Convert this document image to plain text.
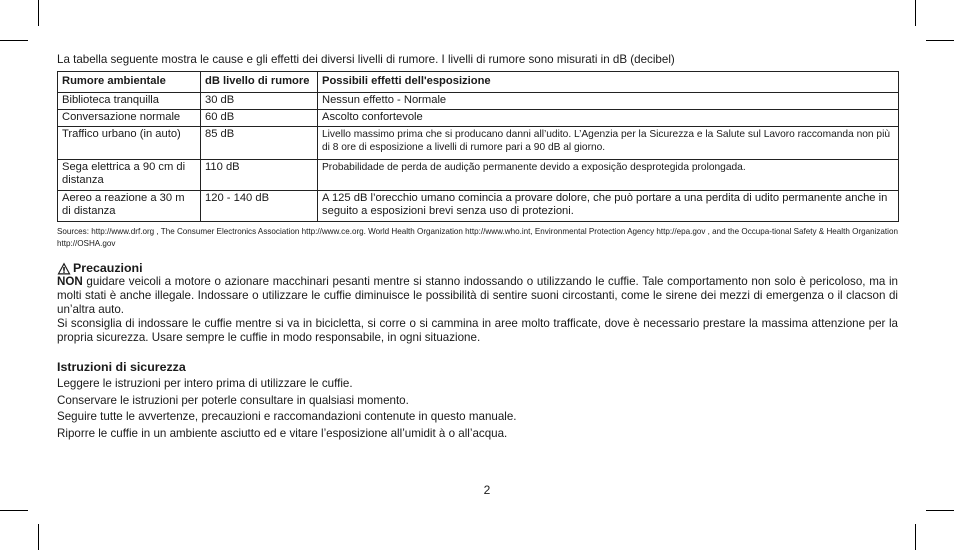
La tabella seguente mostra le cause e gli effetti dei diversi livelli di rumore. I livelli di rumore sono misurati in dB (decibel)

Rumore ambientale	dB livello di rumore	Possibili effetti dell'esposizione
Biblioteca tranquilla	30 dB	Nessun effetto - Normale
Conversazione normale	60 dB	Ascolto confortevole
Traffico urbano (in auto)	85 dB	Livello massimo prima che si producano danni all’udito. L’Agenzia per la Sicurezza e la Salute sul Lavoro raccomanda non più di 8 ore di esposizione a livelli di rumore pari a 90 dB al giorno.
Sega elettrica a 90 cm di distanza	110 dB	Probabilidade de perda de audição permanente devido a exposição desprotegida prolongada.
Aereo a reazione a 30 m di distanza	120 - 140 dB	A 125 dB l’orecchio umano comincia a provare dolore, che può portare a una perdita di udito permanente anche in seguito a esposizioni brevi senza uso di protezioni.

Sources: http://www.drf.org , The Consumer Electronics Association http://www.ce.org. World Health Organization http://www.who.int, Environmental Protection Agency http://epa.gov , and the Occupa-tional Safety & Health Organization http://OSHA.gov

Precauzioni

NON guidare veicoli a motore o azionare macchinari pesanti mentre si stanno indossando o utilizzando le cuffie. Tale comportamento non solo è pericoloso, ma in molti stati è anche illegale. Indossare o utilizzare le cuffie diminuisce le possibilità di sentire suoni circostanti, come le sirene dei mezzi di emergenza o il clacson di un’altra auto.

Si sconsiglia di indossare le cuffie mentre si va in bicicletta, si corre o si cammina in aree molto trafficate, dove è necessario prestare la massima attenzione per la propria sicurezza. Usare sempre le cuffie in modo responsabile, in ogni situazione.

Istruzioni di sicurezza

Leggere le istruzioni per intero prima di utilizzare le cuffie.

Conservare le istruzioni per poterle consultare in qualsiasi momento.

Seguire tutte le avvertenze, precauzioni e raccomandazioni contenute in questo manuale.

Riporre le cuffie in un ambiente asciutto ed e vitare l’esposizione all’umidit à o all’acqua.

2
